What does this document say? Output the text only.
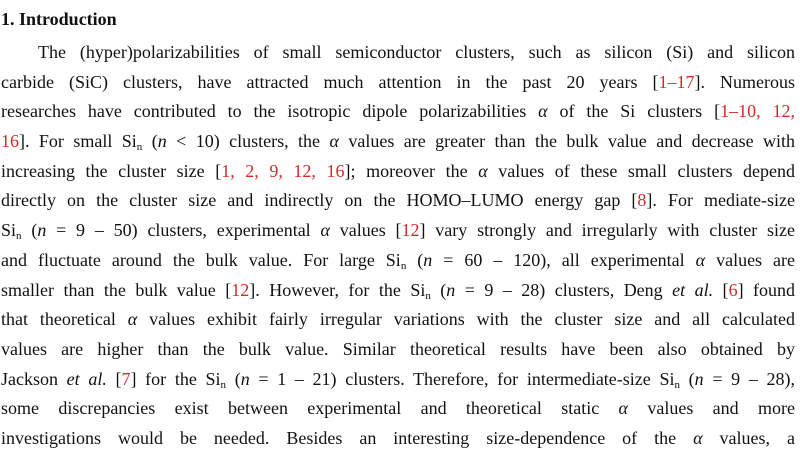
1. Introduction
The (hyper)polarizabilities of small semiconductor clusters, such as silicon (Si) and silicon
carbide (SiC) clusters, have attracted much attention in the past 20 years [1–17]. Numerous
researches have contributed to the isotropic dipole polarizabilities α of the Si clusters [1–10, 12,
16]. For small $Si_n$ (n < 10) clusters, the α values are greater than the bulk value and decrease with
increasing the cluster size [1, 2, 9, 12, 16]; moreover the α values of these small clusters depend
directly on the cluster size and indirectly on the HOMO–LUMO energy gap [8]. For mediate-size
$Si_n$ (n = 9 – 50) clusters, experimental α values [12] vary strongly and irregularly with cluster size
and fluctuate around the bulk value. For large $Si_n$ (n = 60 – 120), all experimental α values are
smaller than the bulk value [12]. However, for the $Si_n$ (n = 9 – 28) clusters, Deng et al. [6] found
that theoretical α values exhibit fairly irregular variations with the cluster size and all calculated
values are higher than the bulk value. Similar theoretical results have been also obtained by
Jackson et al. [7] for the $Si_n$ (n = 1 – 21) clusters. Therefore, for intermediate-size $Si_n$ (n = 9 – 28),
some discrepancies exist between experimental and theoretical static α values and more
investigations would be needed. Besides an interesting size-dependence of the α values, a
